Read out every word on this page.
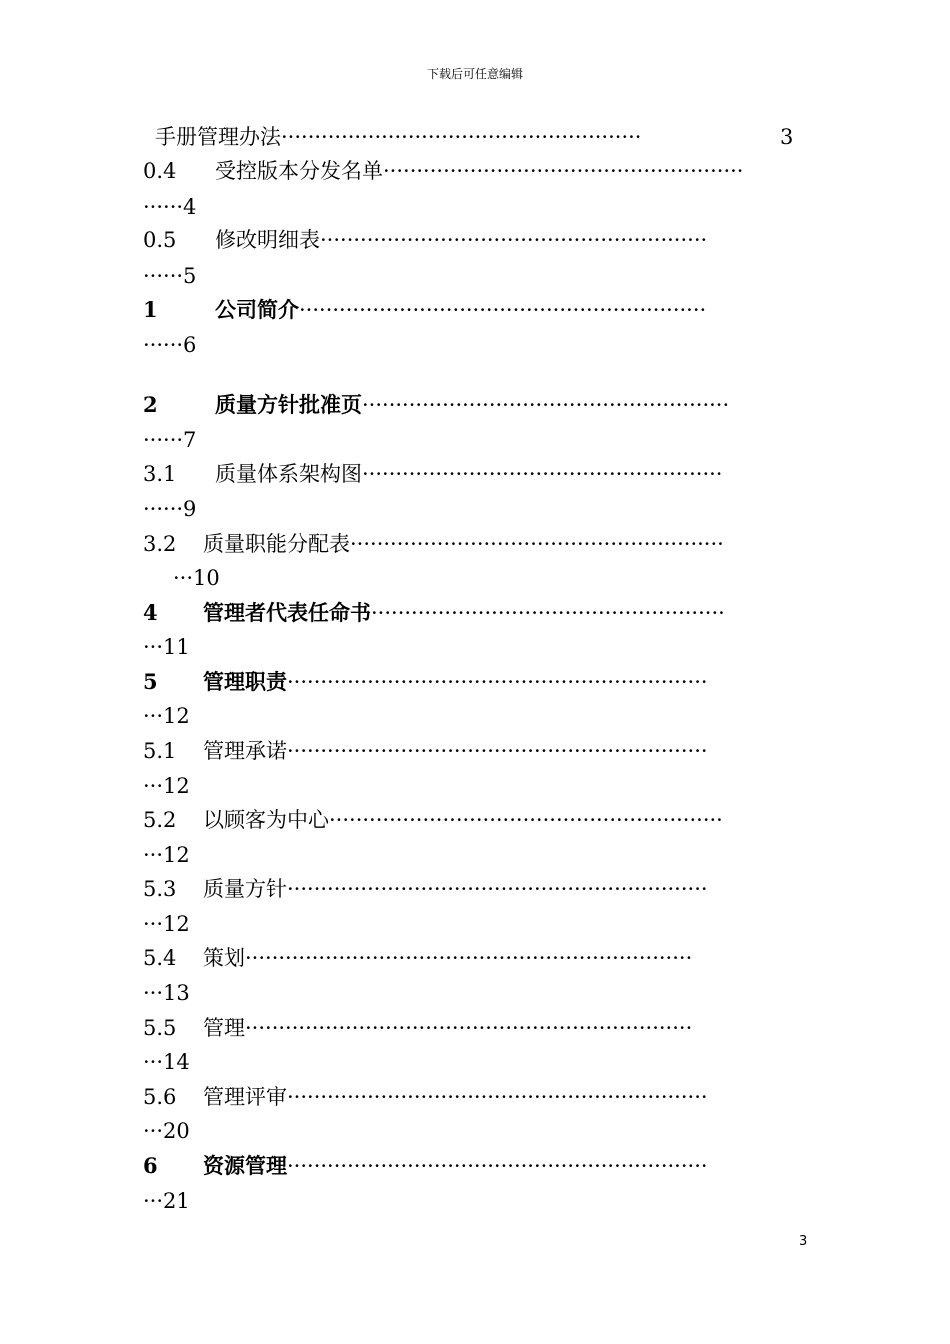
下载后可任意编辑
手册管理办法······················································	3
0.4 受控版本分发名单······················································
······4
0.5 修改明细表··························································
······5
1	公司简介·····························································
······6
2	质量方针批准页·······················································
······7
3.1 质量体系架构图······················································
······9
3.2 质量职能分配表························································
···10
4 管理者代表任命书·····················································
···11
5 管理职责·······························································
···12
5.1 管理承诺·······························································
···12
5.2 以顾客为中心···························································
···12
5.3 质量方针·······························································
···12
5.4 策划···································································
···13
5.5 管理···································································
···14
5.6 管理评审·······························································
···20
6 资源管理·······························································
···21
3
